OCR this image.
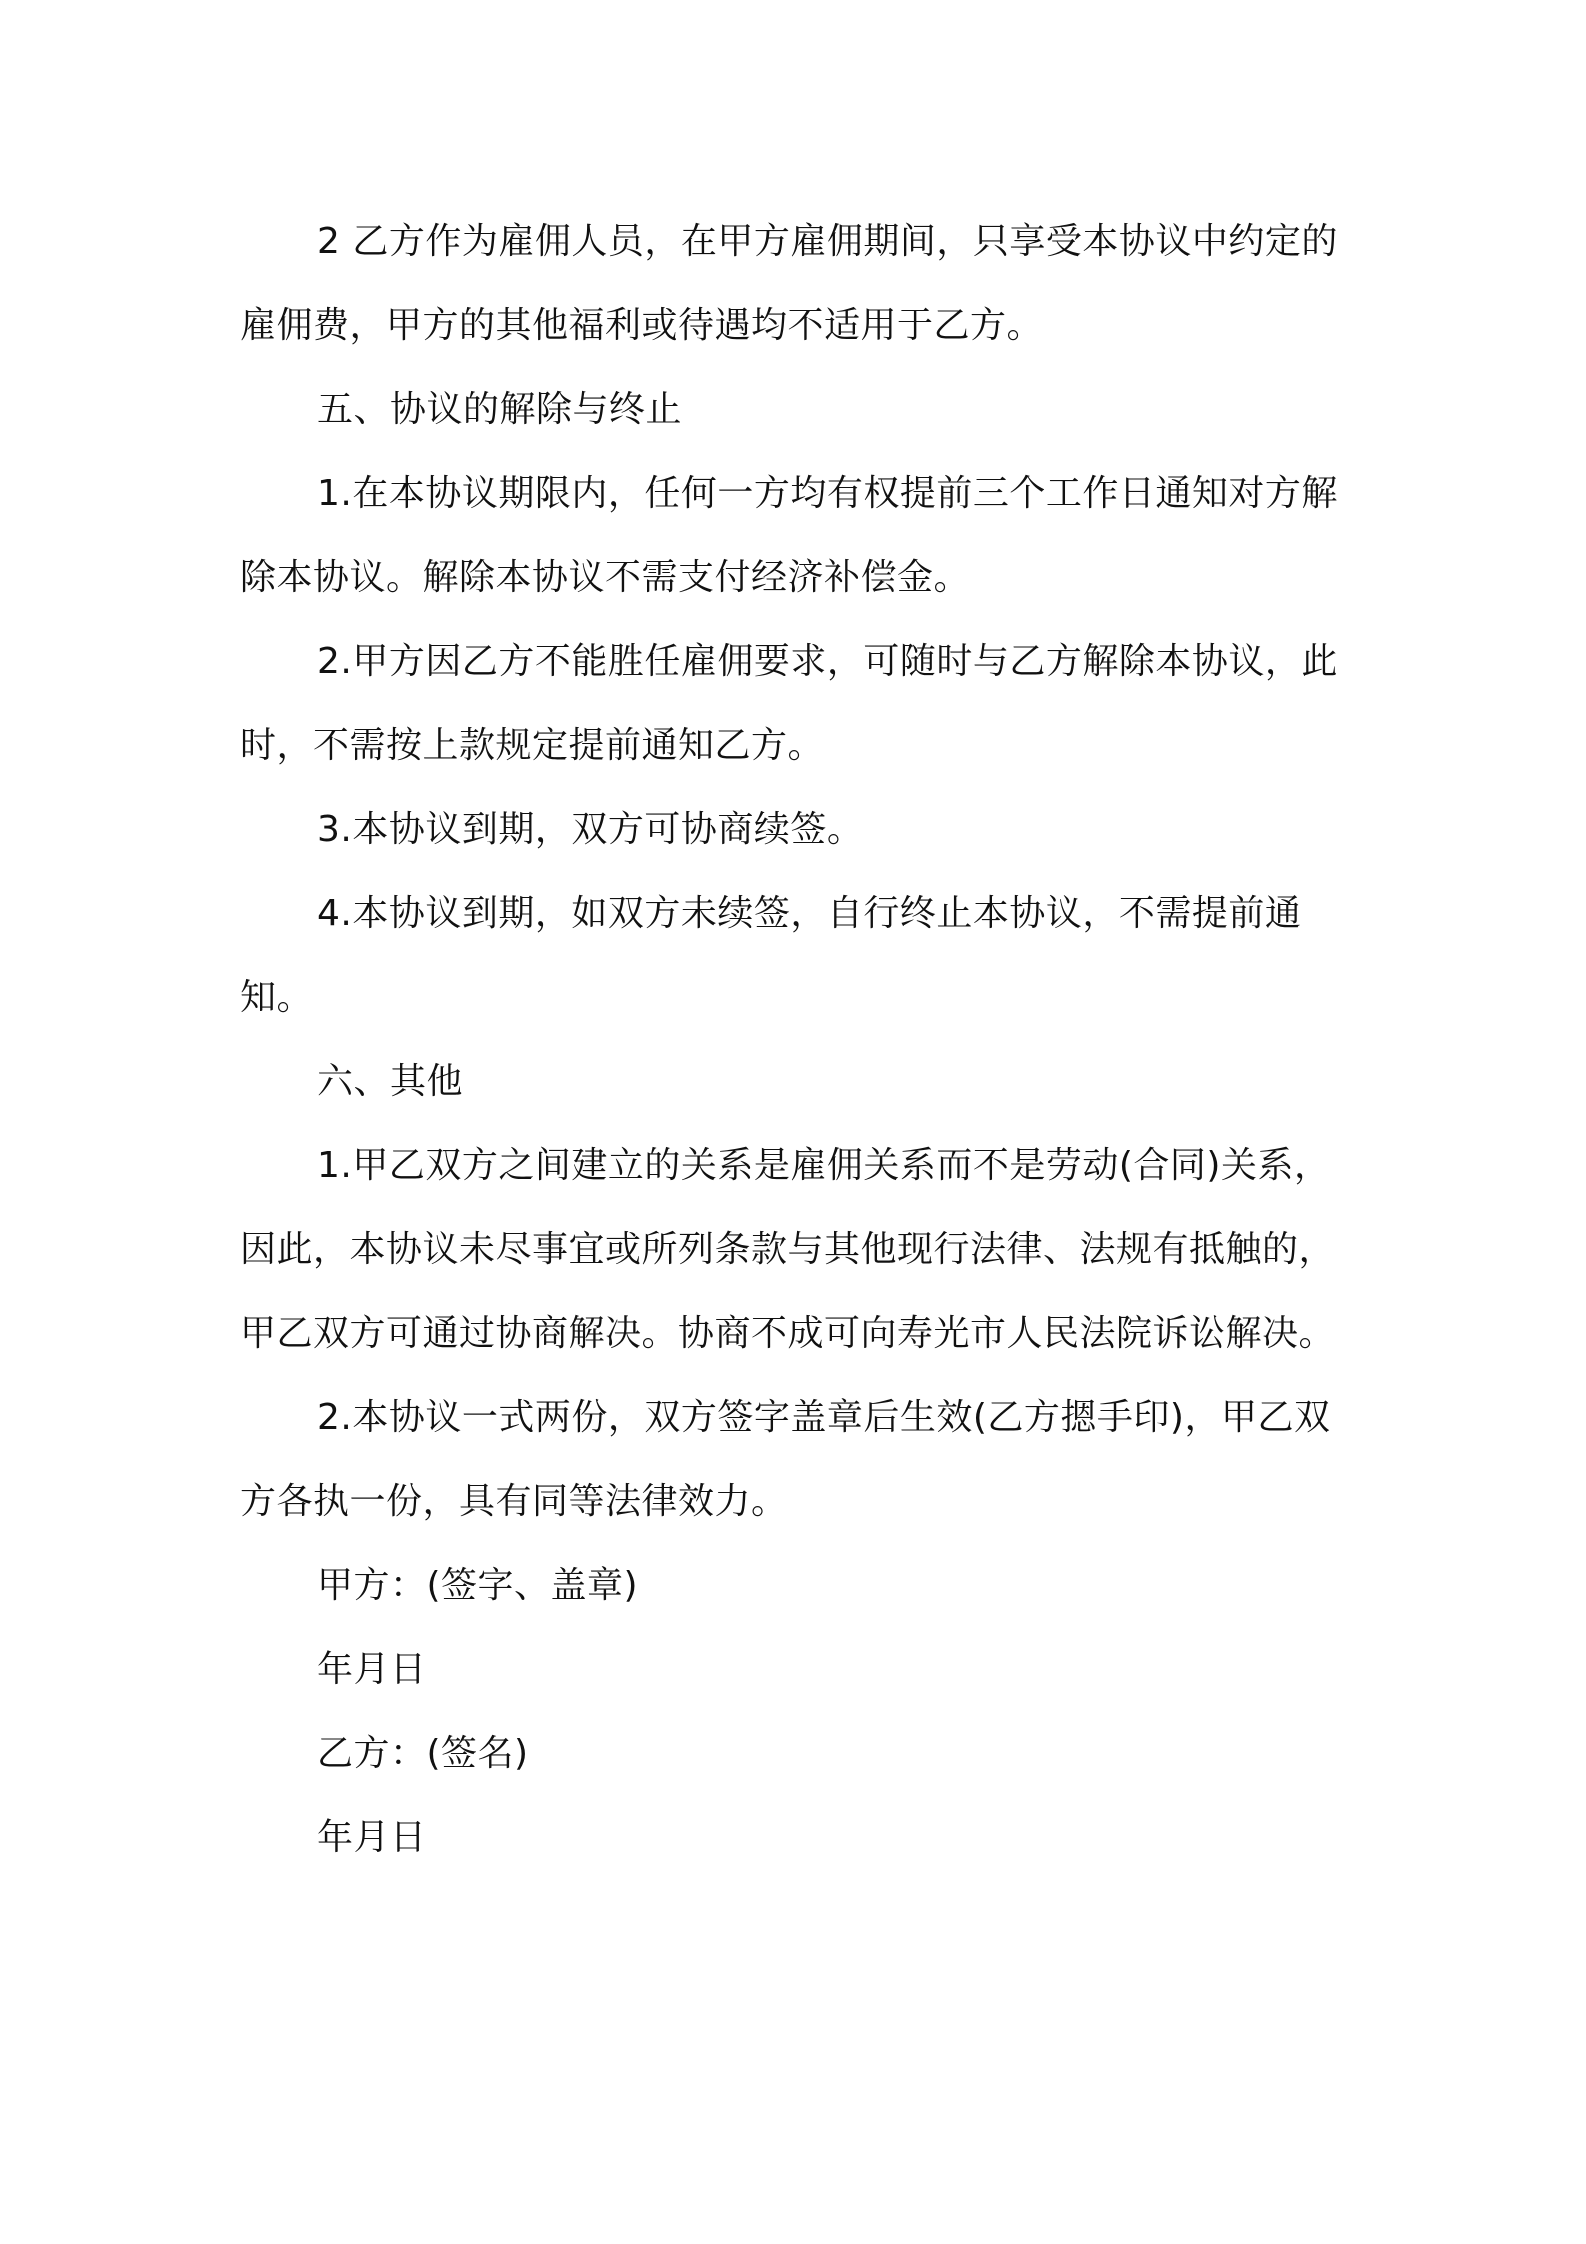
2 乙方作为雇佣人员，在甲方雇佣期间，只享受本协议中约定的雇佣费，甲方的其他福利或待遇均不适用于乙方。

五、协议的解除与终止

1.在本协议期限内，任何一方均有权提前三个工作日通知对方解除本协议。解除本协议不需支付经济补偿金。

2.甲方因乙方不能胜任雇佣要求，可随时与乙方解除本协议，此时，不需按上款规定提前通知乙方。

3.本协议到期，双方可协商续签。

4.本协议到期，如双方未续签，自行终止本协议，不需提前通知。

六、其他

1.甲乙双方之间建立的关系是雇佣关系而不是劳动(合同)关系，因此，本协议未尽事宜或所列条款与其他现行法律、法规有抵触的，甲乙双方可通过协商解决。协商不成可向寿光市人民法院诉讼解决。

2.本协议一式两份，双方签字盖章后生效(乙方摁手印)，甲乙双方各执一份，具有同等法律效力。

甲方：(签字、盖章)

年月日

乙方：(签名)

年月日
